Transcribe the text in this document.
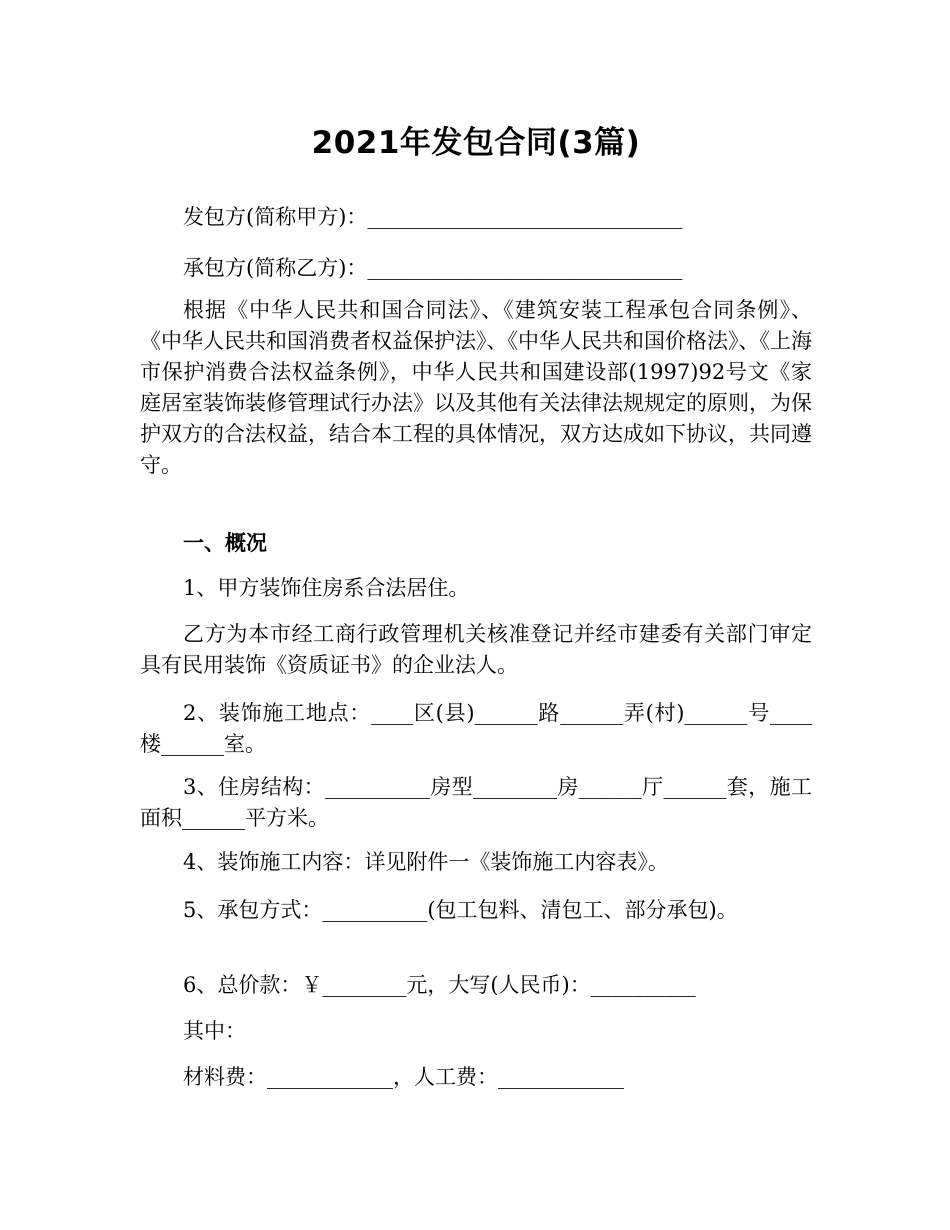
2021年发包合同(3篇)
发包方(简称甲方)：______________________________
承包方(简称乙方)：______________________________
根据《中华人民共和国合同法》、《建筑安装工程承包合同条例》、《中华人民共和国消费者权益保护法》、《中华人民共和国价格法》、《上海市保护消费合法权益条例》，中华人民共和国建设部(1997)92号文《家庭居室装饰装修管理试行办法》以及其他有关法律法规规定的原则，为保护双方的合法权益，结合本工程的具体情况，双方达成如下协议，共同遵守。
一、概况
1、甲方装饰住房系合法居住。
乙方为本市经工商行政管理机关核准登记并经市建委有关部门审定具有民用装饰《资质证书》的企业法人。
2、装饰施工地点：____区(县)______路______弄(村)______号____楼______室。
3、住房结构：__________房型________房______厅______套，施工面积______平方米。
4、装饰施工内容：详见附件一《装饰施工内容表》。
5、承包方式：__________(包工包料、清包工、部分承包)。
6、总价款：￥________元，大写(人民币)：__________
其中：
材料费：____________，人工费：____________
